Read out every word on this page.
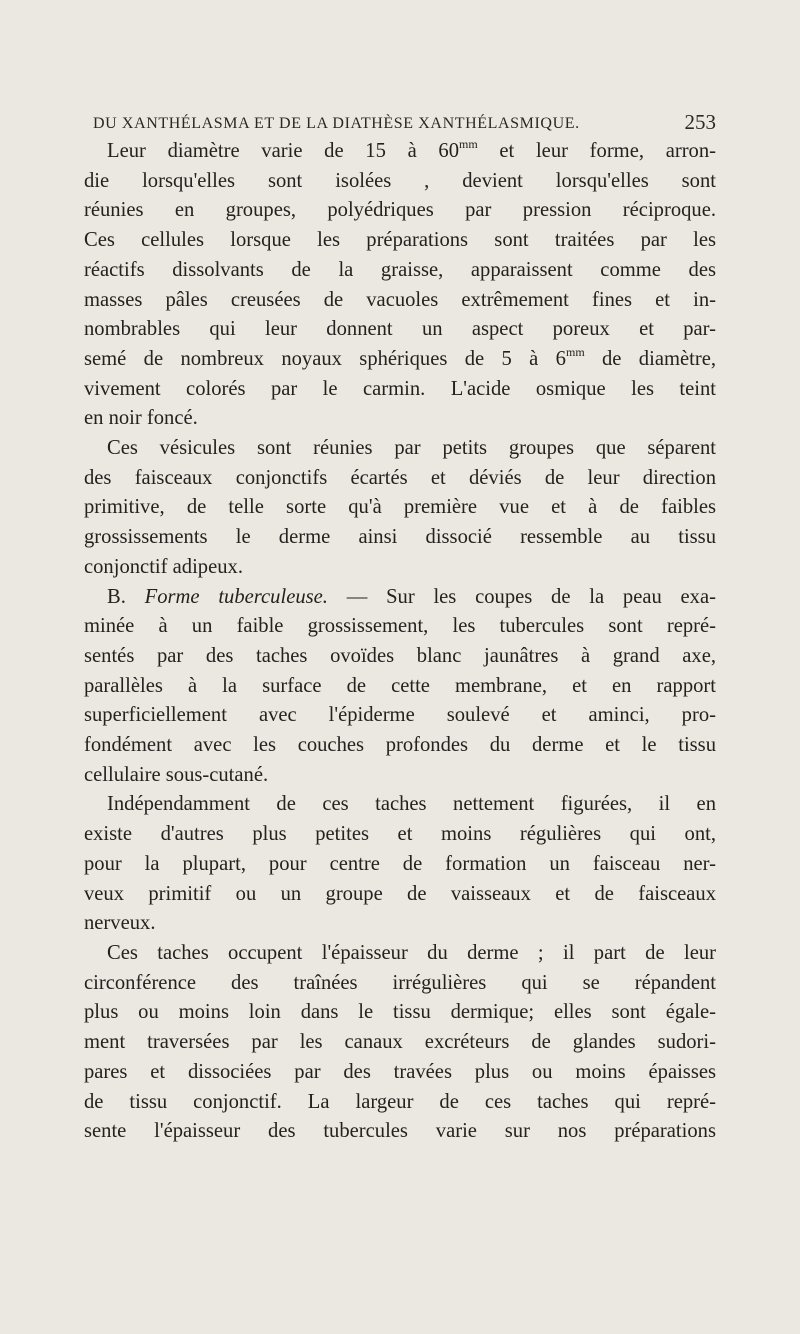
DU XANTHÉLASMA ET DE LA DIATHÈSE XANTHÉLASMIQUE.	253

Leur diamètre varie de 15 à $60^{mm}$ et leur forme, arron-
die lorsqu'elles sont isolées , devient lorsqu'elles sont
réunies en groupes, polyédriques par pression réciproque.
Ces cellules lorsque les préparations sont traitées par les
réactifs dissolvants de la graisse, apparaissent comme des
masses pâles creusées de vacuoles extrêmement fines et in-
nombrables qui leur donnent un aspect poreux et par-
semé de nombreux noyaux sphériques de 5 à $6^{mm}$ de diamètre,
vivement colorés par le carmin. L'acide osmique les teint
en noir foncé.

Ces vésicules sont réunies par petits groupes que séparent
des faisceaux conjonctifs écartés et déviés de leur direction
primitive, de telle sorte qu'à première vue et à de faibles
grossissements le derme ainsi dissocié ressemble au tissu
conjonctif adipeux.

B. Forme tuberculeuse. — Sur les coupes de la peau exa-
minée à un faible grossissement, les tubercules sont repré-
sentés par des taches ovoïdes blanc jaunâtres à grand axe,
parallèles à la surface de cette membrane, et en rapport
superficiellement avec l'épiderme soulevé et aminci, pro-
fondément avec les couches profondes du derme et le tissu
cellulaire sous-cutané.

Indépendamment de ces taches nettement figurées, il en
existe d'autres plus petites et moins régulières qui ont,
pour la plupart, pour centre de formation un faisceau ner-
veux primitif ou un groupe de vaisseaux et de faisceaux
nerveux.

Ces taches occupent l'épaisseur du derme ; il part de leur
circonférence des traînées irrégulières qui se répandent
plus ou moins loin dans le tissu dermique; elles sont égale-
ment traversées par les canaux excréteurs de glandes sudori-
pares et dissociées par des travées plus ou moins épaisses
de tissu conjonctif. La largeur de ces taches qui repré-
sente l'épaisseur des tubercules varie sur nos préparations
